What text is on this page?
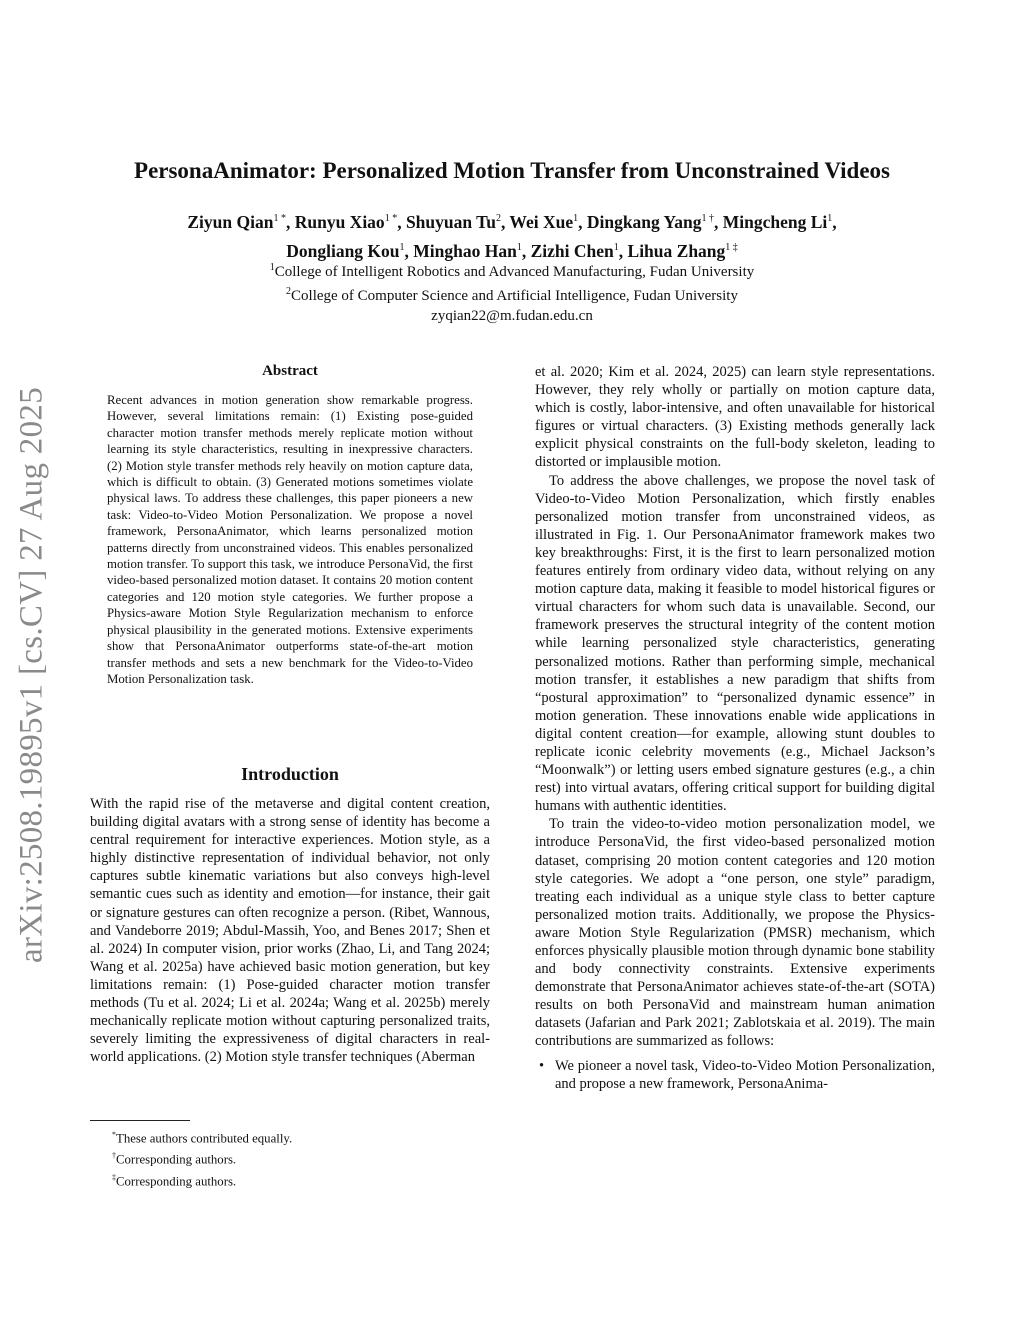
arXiv:2508.19895v1 [cs.CV] 27 Aug 2025
PersonaAnimator: Personalized Motion Transfer from Unconstrained Videos
Ziyun Qian$^{1 *}$, Runyu Xiao$^{1 *}$, Shuyuan Tu$^2$, Wei Xue$^1$, Dingkang Yang$^{1 \dagger}$, Mingcheng Li$^1$,
Dongliang Kou$^1$, Minghao Han$^1$, Zizhi Chen$^1$, Lihua Zhang$^{1 \ddagger}$
$^1$College of Intelligent Robotics and Advanced Manufacturing, Fudan University
$^2$College of Computer Science and Artificial Intelligence, Fudan University
zyqian22@m.fudan.edu.cn
Abstract

Recent advances in motion generation show remarkable progress. However, several limitations remain: (1) Existing pose-guided character motion transfer methods merely replicate motion without learning its style characteristics, resulting in inexpressive characters. (2) Motion style transfer methods rely heavily on motion capture data, which is difficult to obtain. (3) Generated motions sometimes violate physical laws. To address these challenges, this paper pioneers a new task: Video-to-Video Motion Personalization. We propose a novel framework, PersonaAnimator, which learns personalized motion patterns directly from unconstrained videos. This enables personalized motion transfer. To support this task, we introduce PersonaVid, the first video-based personalized motion dataset. It contains 20 motion content categories and 120 motion style categories. We further propose a Physics-aware Motion Style Regularization mechanism to enforce physical plausibility in the generated motions. Extensive experiments show that PersonaAnimator outperforms state-of-the-art motion transfer methods and sets a new benchmark for the Video-to-Video Motion Personalization task.

Introduction

With the rapid rise of the metaverse and digital content creation, building digital avatars with a strong sense of identity has become a central requirement for interactive experiences. Motion style, as a highly distinctive representation of individual behavior, not only captures subtle kinematic variations but also conveys high-level semantic cues such as identity and emotion—for instance, their gait or signature gestures can often recognize a person. (Ribet, Wannous, and Vandeborre 2019; Abdul-Massih, Yoo, and Benes 2017; Shen et al. 2024) In computer vision, prior works (Zhao, Li, and Tang 2024; Wang et al. 2025a) have achieved basic motion generation, but key limitations remain: (1) Pose-guided character motion transfer methods (Tu et al. 2024; Li et al. 2024a; Wang et al. 2025b) merely mechanically replicate motion without capturing personalized traits, severely limiting the expressiveness of digital characters in real-world applications. (2) Motion style transfer techniques (Aberman

*These authors contributed equally.
†Corresponding authors.
‡Corresponding authors.

et al. 2020; Kim et al. 2024, 2025) can learn style representations. However, they rely wholly or partially on motion capture data, which is costly, labor-intensive, and often unavailable for historical figures or virtual characters. (3) Existing methods generally lack explicit physical constraints on the full-body skeleton, leading to distorted or implausible motion.

To address the above challenges, we propose the novel task of Video-to-Video Motion Personalization, which firstly enables personalized motion transfer from unconstrained videos, as illustrated in Fig. 1. Our PersonaAnimator framework makes two key breakthroughs: First, it is the first to learn personalized motion features entirely from ordinary video data, without relying on any motion capture data, making it feasible to model historical figures or virtual characters for whom such data is unavailable. Second, our framework preserves the structural integrity of the content motion while learning personalized style characteristics, generating personalized motions. Rather than performing simple, mechanical motion transfer, it establishes a new paradigm that shifts from “postural approximation” to “personalized dynamic essence” in motion generation. These innovations enable wide applications in digital content creation—for example, allowing stunt doubles to replicate iconic celebrity movements (e.g., Michael Jackson’s “Moonwalk”) or letting users embed signature gestures (e.g., a chin rest) into virtual avatars, offering critical support for building digital humans with authentic identities.

To train the video-to-video motion personalization model, we introduce PersonaVid, the first video-based personalized motion dataset, comprising 20 motion content categories and 120 motion style categories. We adopt a “one person, one style” paradigm, treating each individual as a unique style class to better capture personalized motion traits. Additionally, we propose the Physics-aware Motion Style Regularization (PMSR) mechanism, which enforces physically plausible motion through dynamic bone stability and body connectivity constraints. Extensive experiments demonstrate that PersonaAnimator achieves state-of-the-art (SOTA) results on both PersonaVid and mainstream human animation datasets (Jafarian and Park 2021; Zablotskaia et al. 2019). The main contributions are summarized as follows:

• We pioneer a novel task, Video-to-Video Motion Personalization, and propose a new framework, PersonaAnima-
